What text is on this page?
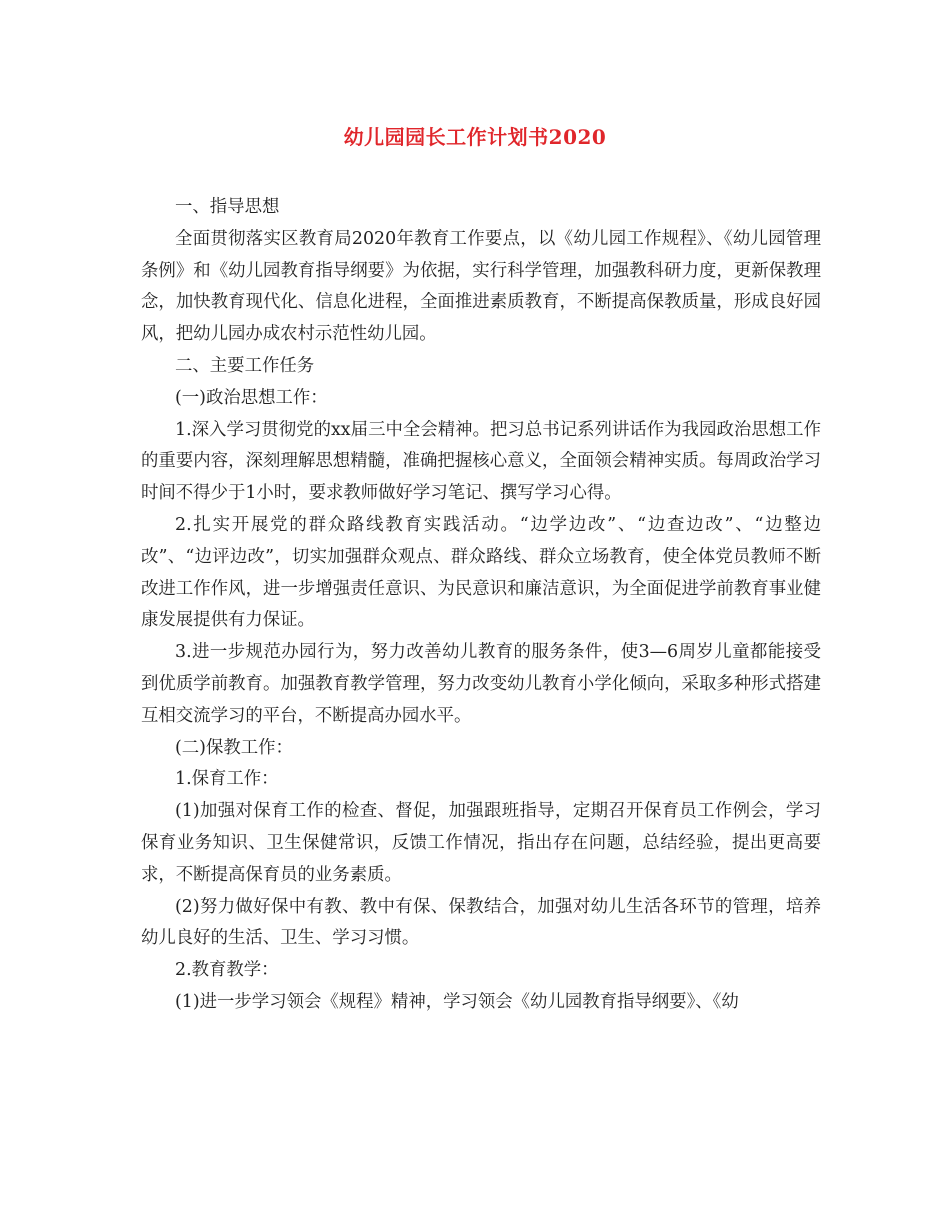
幼儿园园长工作计划书2020

一、指导思想

全面贯彻落实区教育局2020年教育工作要点，以《幼儿园工作规程》、《幼儿园管理条例》和《幼儿园教育指导纲要》为依据，实行科学管理，加强教科研力度，更新保教理念，加快教育现代化、信息化进程，全面推进素质教育，不断提高保教质量，形成良好园风，把幼儿园办成农村示范性幼儿园。

二、主要工作任务

(一)政治思想工作：

1.深入学习贯彻党的xx届三中全会精神。把习总书记系列讲话作为我园政治思想工作的重要内容，深刻理解思想精髓，准确把握核心意义，全面领会精神实质。每周政治学习时间不得少于1小时，要求教师做好学习笔记、撰写学习心得。

2.扎实开展党的群众路线教育实践活动。“边学边改”、“边查边改”、“边整边改”、“边评边改”，切实加强群众观点、群众路线、群众立场教育，使全体党员教师不断改进工作作风，进一步增强责任意识、为民意识和廉洁意识，为全面促进学前教育事业健康发展提供有力保证。

3.进一步规范办园行为，努力改善幼儿教育的服务条件，使3—6周岁儿童都能接受到优质学前教育。加强教育教学管理，努力改变幼儿教育小学化倾向，采取多种形式搭建互相交流学习的平台，不断提高办园水平。

(二)保教工作：

1.保育工作：

(1)加强对保育工作的检查、督促，加强跟班指导，定期召开保育员工作例会，学习保育业务知识、卫生保健常识，反馈工作情况，指出存在问题，总结经验，提出更高要求，不断提高保育员的业务素质。

(2)努力做好保中有教、教中有保、保教结合，加强对幼儿生活各环节的管理，培养幼儿良好的生活、卫生、学习习惯。

2.教育教学：

(1)进一步学习领会《规程》精神，学习领会《幼儿园教育指导纲要》、《幼
